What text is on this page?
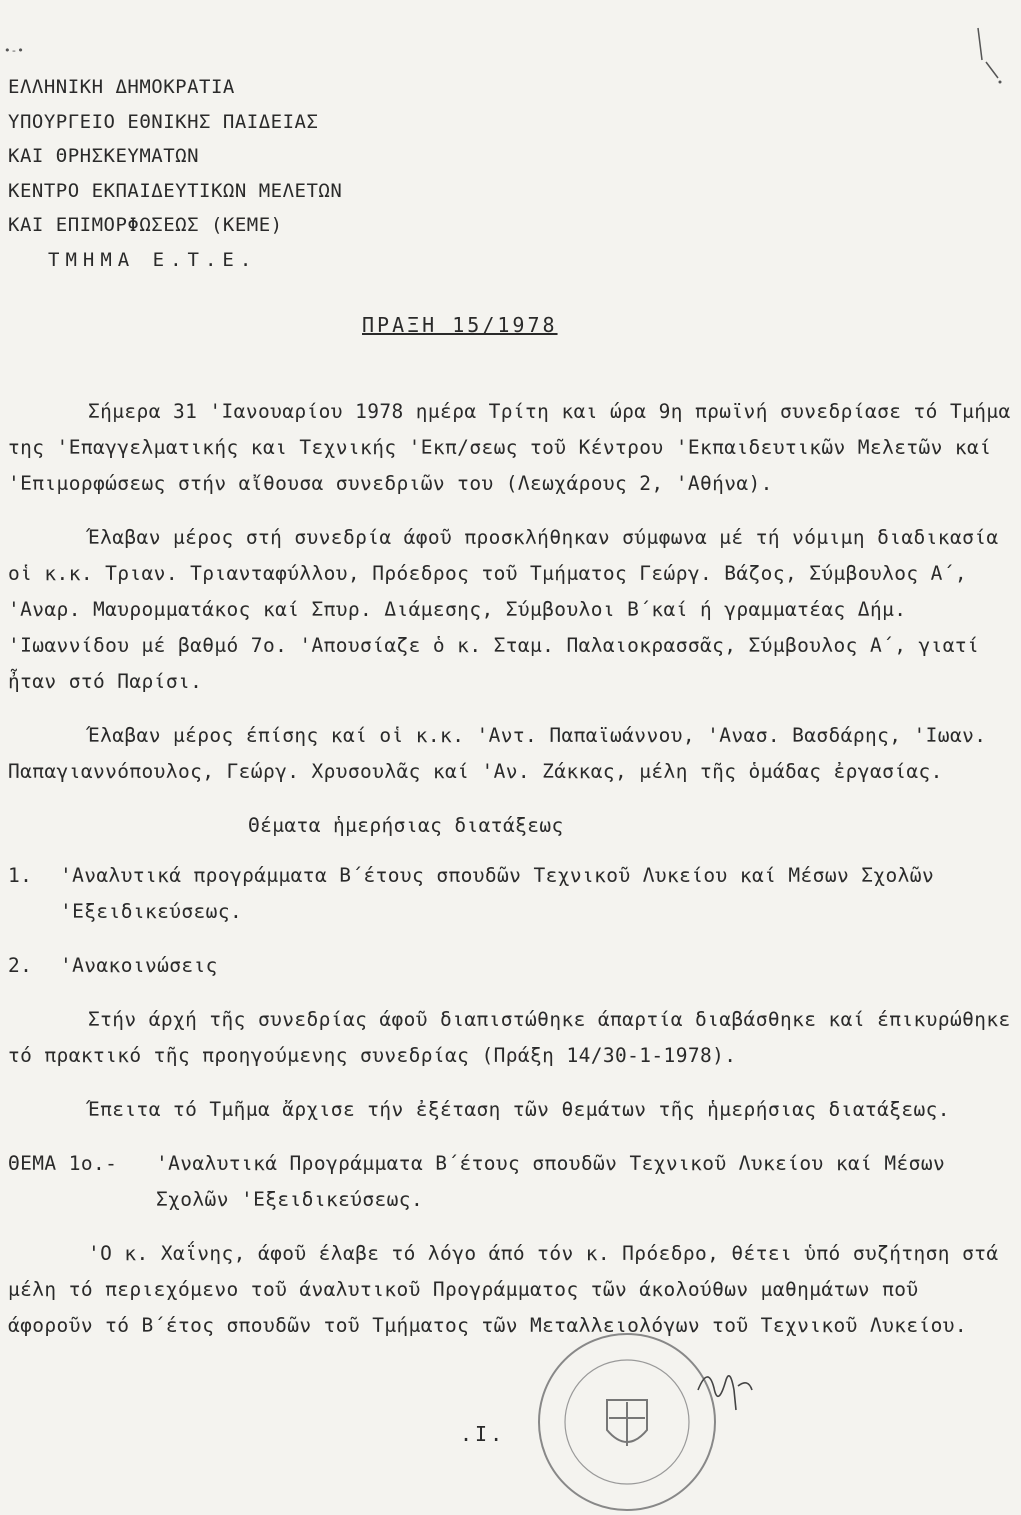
•-•
ΕΛΛΗΝΙΚΗ ΔΗΜΟΚΡΑΤΙΑ
ΥΠΟΥΡΓΕΙΟ ΕΘΝΙΚΗΣ ΠΑΙΔΕΙΑΣ
ΚΑΙ ΘΡΗΣΚΕΥΜΑΤΩΝ
ΚΕΝΤΡΟ ΕΚΠΑΙΔΕΥΤΙΚΩΝ ΜΕΛΕΤΩΝ
ΚΑΙ ΕΠΙΜΟΡΦΩΣΕΩΣ (ΚΕΜΕ)
ΤΜΗΜΑ Ε.Τ.Ε.
ΠΡΑΞΗ 15/1978

Σήμερα 31 'Ιανουαρίου 1978 ημέρα Τρίτη και ώρα 9η πρωϊνή συνεδρίασε τό Τμήμα της 'Επαγγελματικής και Τεχνικής 'Εκπ/σεως τοῦ Κέντρου 'Εκπαιδευτικῶν Μελετῶν καί 'Επιμορφώσεως στήν αἴθουσα συνεδριῶν του (Λεωχάρους 2, 'Αθήνα).

Έλαβαν μέρος στή συνεδρία άφοῦ προσκλήθηκαν σύμφωνα μέ τή νόμιμη διαδικασία οἱ κ.κ. Τριαν. Τριανταφύλλου, Πρόεδρος τοῦ Τμήματος Γεώργ. Βάζος, Σύμβουλος Α΄, 'Αναρ. Μαυρομματάκος καί Σπυρ. Διάμεσης, Σύμβουλοι Β΄καί ή γραμματέας Δήμ. 'Ιωαννίδου μέ βαθμό 7ο. 'Απουσίαζε ὁ κ. Σταμ. Παλαιοκρασσᾶς, Σύμβουλος Α΄, γιατί ἦταν στό Παρίσι.

Έλαβαν μέρος έπίσης καί οἱ κ.κ. 'Αντ. Παπαϊωάννου, 'Ανασ. Βασδάρης, 'Ιωαν. Παπαγιαννόπουλος, Γεώργ. Χρυσουλᾶς καί 'Αν. Ζάκκας, μέλη τῆς ὁμάδας ἐργασίας.

Θέματα ἡμερήσιας διατάξεως

1.	'Αναλυτικά προγράμματα Β΄έτους σπουδῶν Τεχνικοῦ Λυκείου καί Μέσων Σχολῶν 'Εξειδικεύσεως.

2.	'Ανακοινώσεις

Στήν άρχή τῆς συνεδρίας άφοῦ διαπιστώθηκε άπαρτία διαβάσθηκε καί έπικυρώθηκε τό πρακτικό τῆς προηγούμενης συνεδρίας (Πράξη 14/30-1-1978).

Έπειτα τό Τμῆμα ἄρχισε τήν ἐξέταση τῶν θεμάτων τῆς ἡμερήσιας διατάξεως.

ΘΕΜΑ 1ο.-	'Αναλυτικά Προγράμματα Β΄έτους σπουδῶν Τεχνικοῦ Λυκείου καί Μέσων Σχολῶν 'Εξειδικεύσεως.

'Ο κ. Χαΐνης, άφοῦ έλαβε τό λόγο άπό τόν κ. Πρόεδρο, θέτει ὑπό συζήτηση στά μέλη τό περιεχόμενο τοῦ άναλυτικοῦ Προγράμματος τῶν άκολούθων μαθημάτων ποῦ άφοροῦν τό Β΄έτος σπουδῶν τοῦ Τμήματος τῶν Μεταλλειολόγων τοῦ Τεχνικοῦ Λυκείου.

.Ι.
